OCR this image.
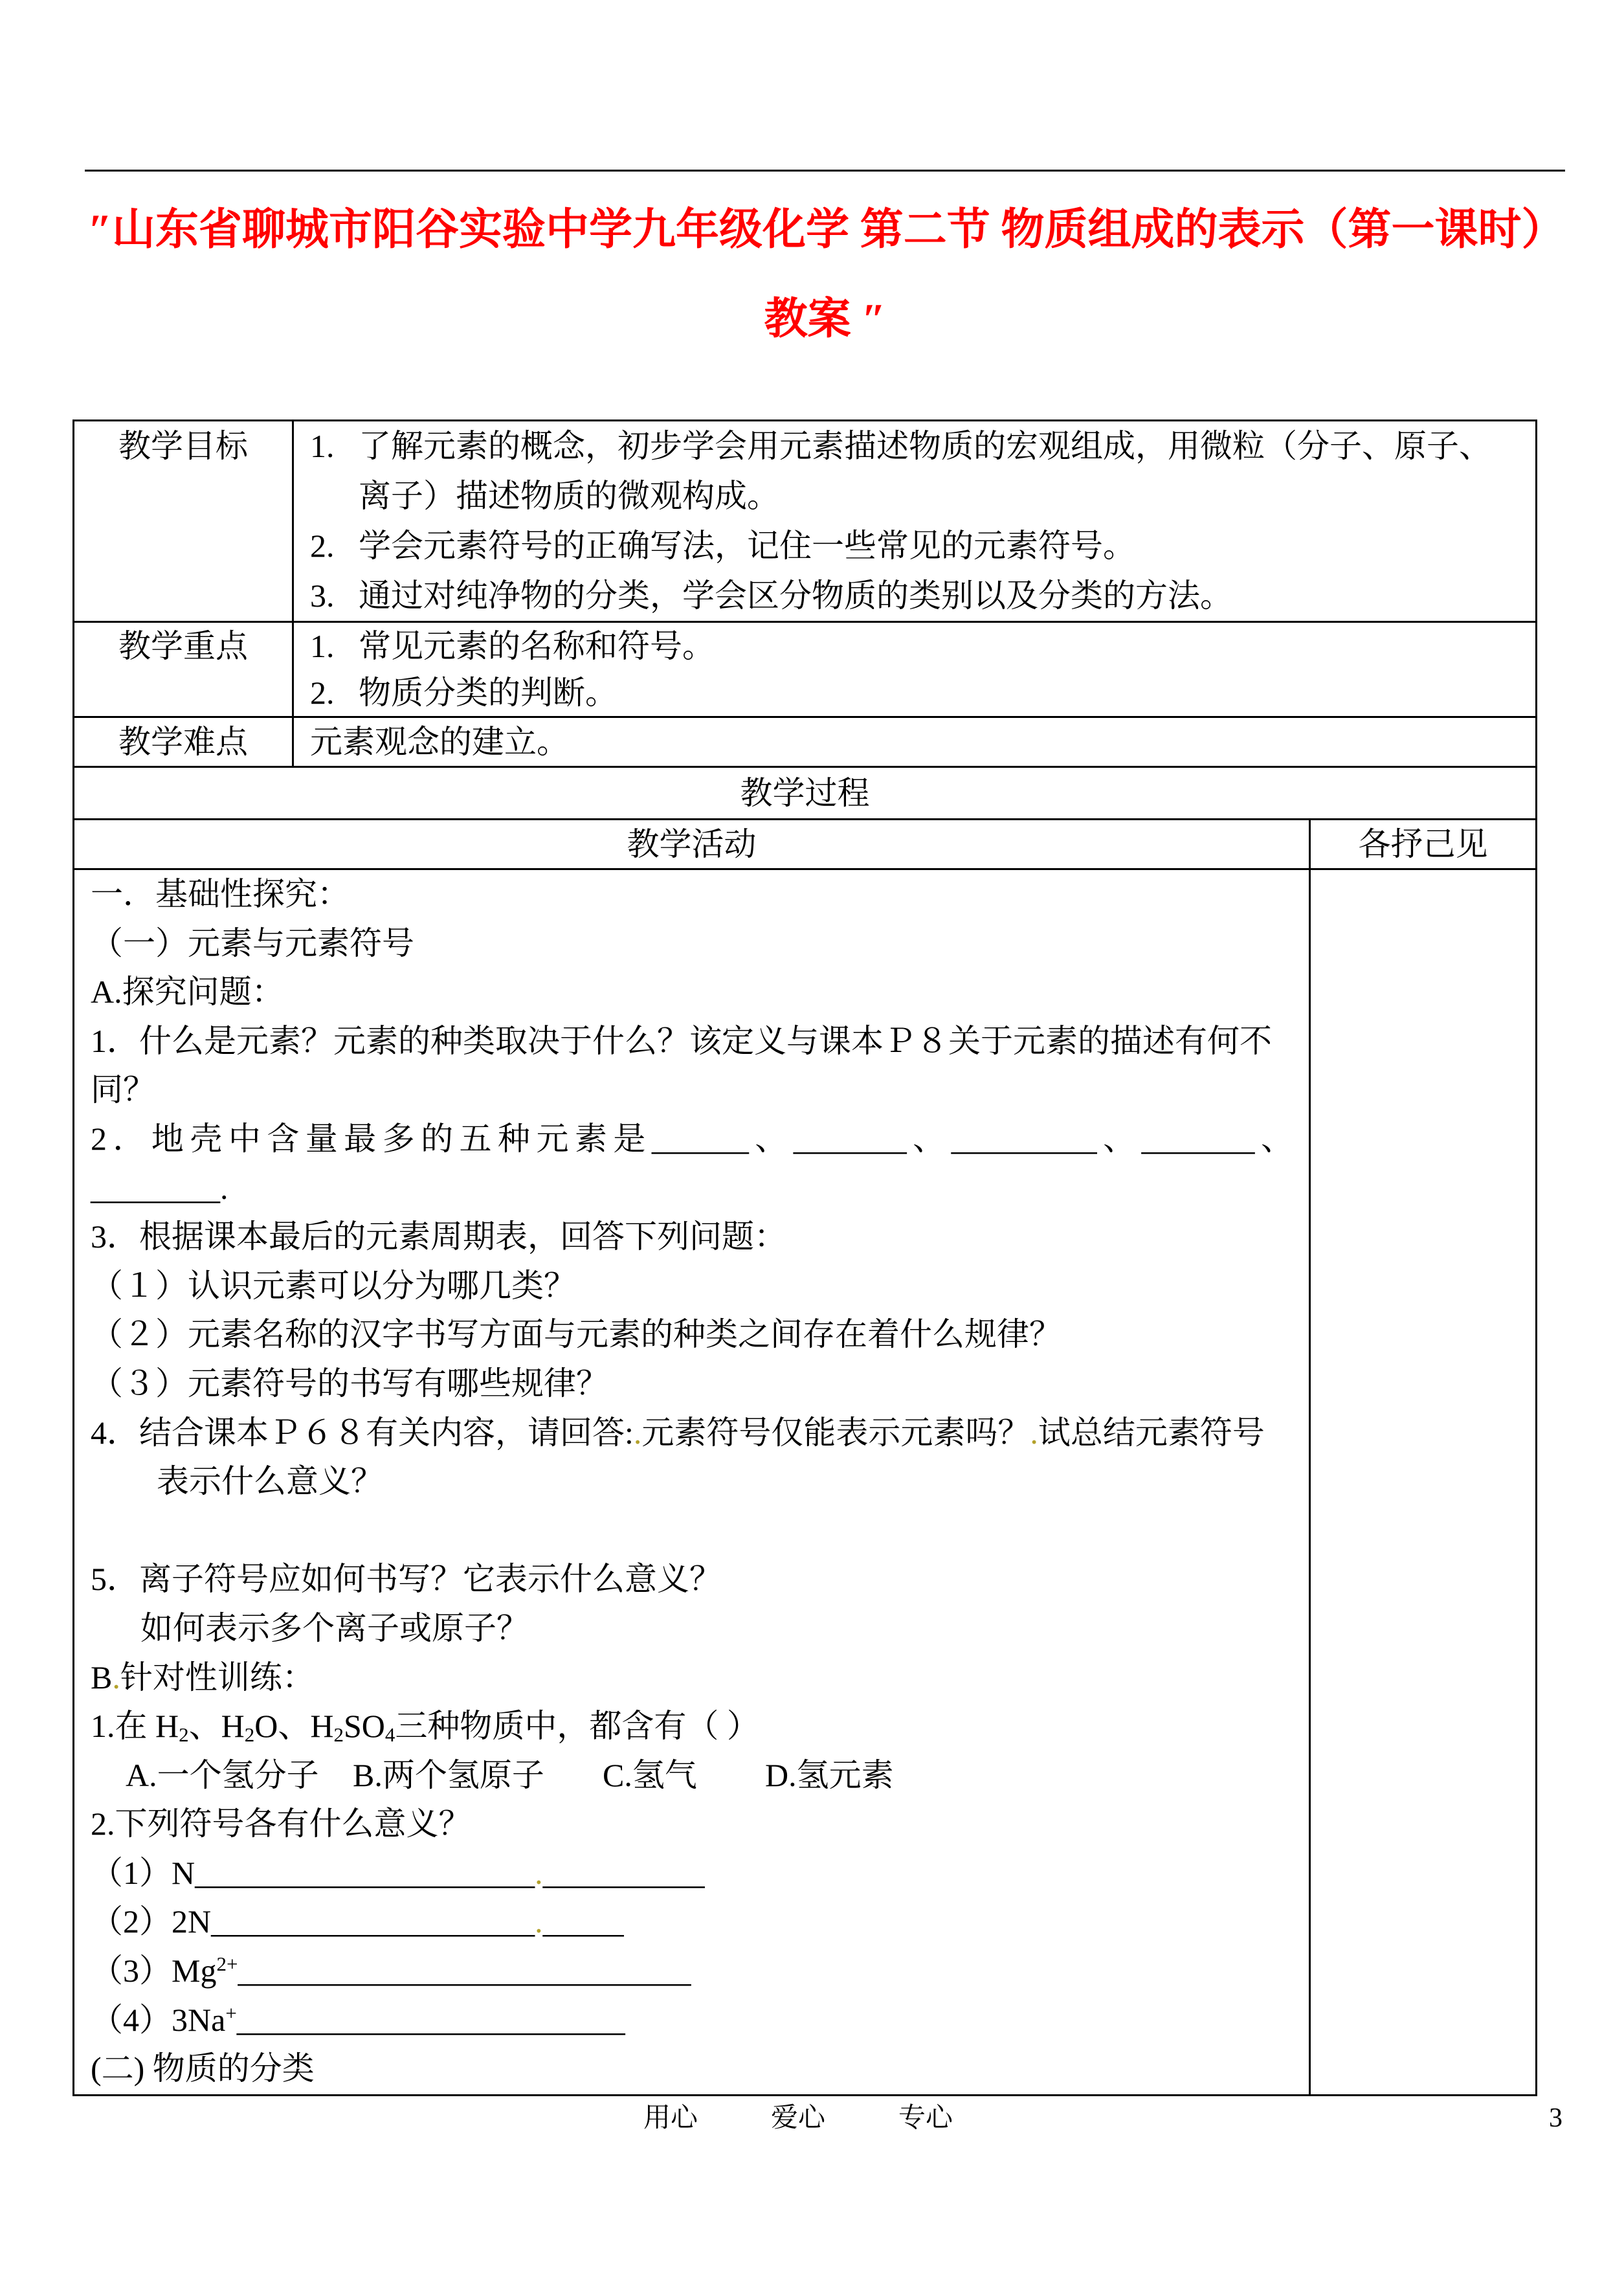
″山东省聊城市阳谷实验中学九年级化学 第二节 物质组成的表示（第一课时）
教案 ″
教学目标	1. 了解元素的概念，初步学会用元素描述物质的宏观组成，用微粒（分子、原子、
离子）描述物质的微观构成。
2. 学会元素符号的正确写法，记住一些常见的元素符号。
3. 通过对纯净物的分类，学会区分物质的类别以及分类的方法。
教学重点	1. 常见元素的名称和符号。
2. 物质分类的判断。
教学难点	元素观念的建立。
教学过程
教学活动	各抒己见
一．基础性探究：
（一）元素与元素符号
A.探究问题：
1．什么是元素？元素的种类取决于什么？该定义与课本Ｐ８关于元素的描述有何不
同？
2．地壳中含量最多的五种元素是______、_______、_________、_______、
________.
3．根据课本最后的元素周期表，回答下列问题：
（１）认识元素可以分为哪几类？
（２）元素名称的汉字书写方面与元素的种类之间存在着什么规律？
（３）元素符号的书写有哪些规律？
4．结合课本Ｐ６８有关内容，请回答:.元素符号仅能表示元素吗？.试总结元素符号
表示什么意义？
5．离子符号应如何书写？它表示什么意义？
如何表示多个离子或原子？
B.针对性训练：
1.在 $H_2$、$H_2O$、$H_2SO_4$三种物质中，都含有（ ）
A.一个氢分子 B.两个氢原子 C.氢气 D.氢元素
2.下列符号各有什么意义？
（1）N_____________________.__________
（2）2N____________________._____
$(3)Mg^{2+}\_\_\_\_\_\_\_\_\_\_\_\_\_\_\_\_\_\_\_\_\_\_\_\_\_\_\_\_$
（4）3Na+________________________
(二) 物质的分类
用心	爱心	专心	3
